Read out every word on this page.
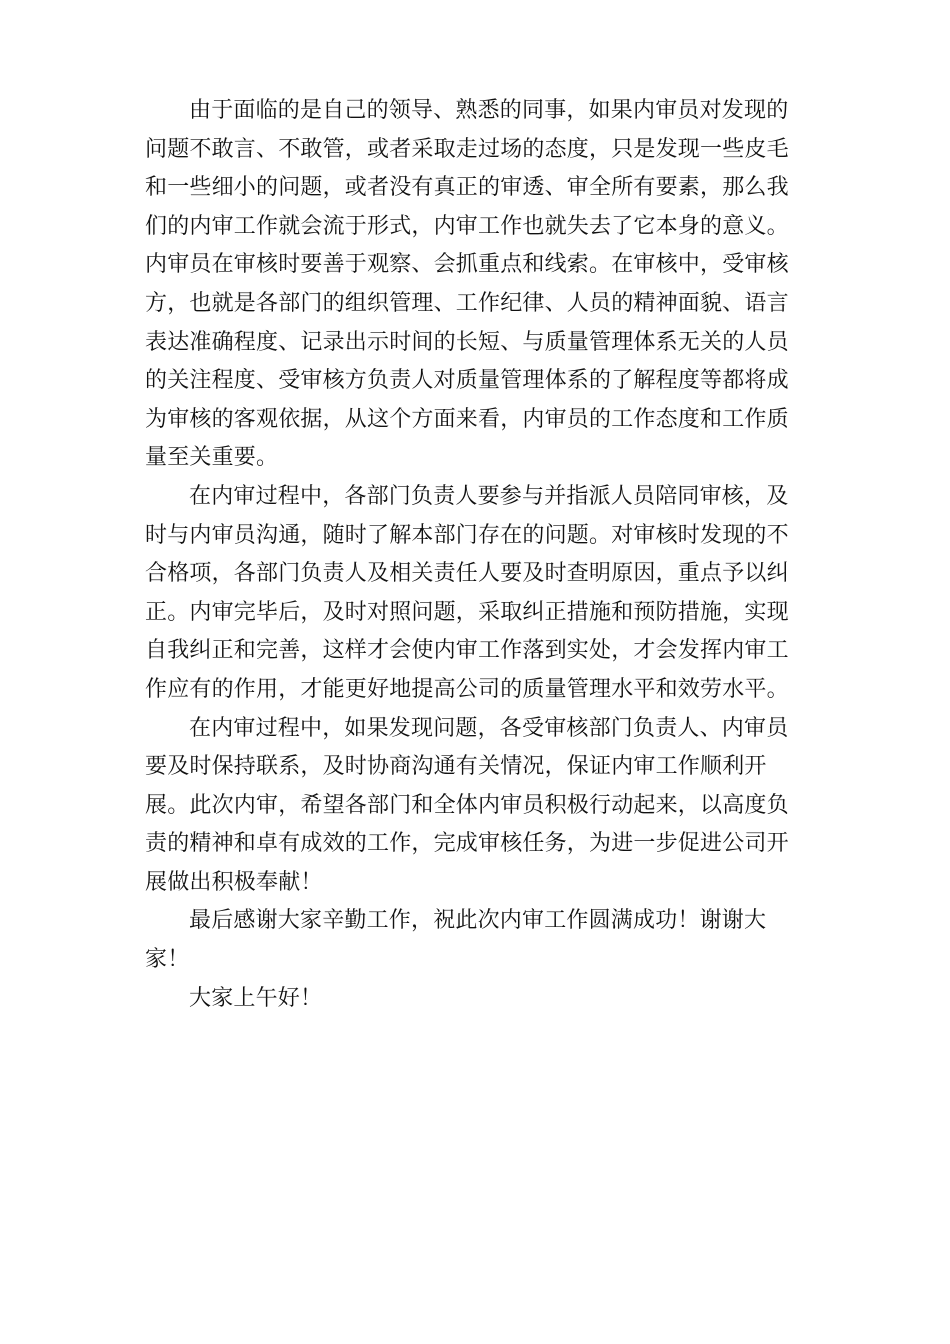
由于面临的是自己的领导、熟悉的同事，如果内审员对发现的
问题不敢言、不敢管，或者采取走过场的态度，只是发现一些皮毛
和一些细小的问题，或者没有真正的审透、审全所有要素，那么我
们的内审工作就会流于形式，内审工作也就失去了它本身的意义。
内审员在审核时要善于观察、会抓重点和线索。在审核中，受审核
方，也就是各部门的组织管理、工作纪律、人员的精神面貌、语言
表达准确程度、记录出示时间的长短、与质量管理体系无关的人员
的关注程度、受审核方负责人对质量管理体系的了解程度等都将成
为审核的客观依据，从这个方面来看，内审员的工作态度和工作质
量至关重要。
在内审过程中，各部门负责人要参与并指派人员陪同审核，及
时与内审员沟通，随时了解本部门存在的问题。对审核时发现的不
合格项，各部门负责人及相关责任人要及时查明原因，重点予以纠
正。内审完毕后，及时对照问题，采取纠正措施和预防措施，实现
自我纠正和完善，这样才会使内审工作落到实处，才会发挥内审工
作应有的作用，才能更好地提高公司的质量管理水平和效劳水平。
在内审过程中，如果发现问题，各受审核部门负责人、内审员
要及时保持联系，及时协商沟通有关情况，保证内审工作顺利开
展。此次内审，希望各部门和全体内审员积极行动起来，以高度负
责的精神和卓有成效的工作，完成审核任务，为进一步促进公司开
展做出积极奉献！
最后感谢大家辛勤工作，祝此次内审工作圆满成功！谢谢大
家！
大家上午好！
